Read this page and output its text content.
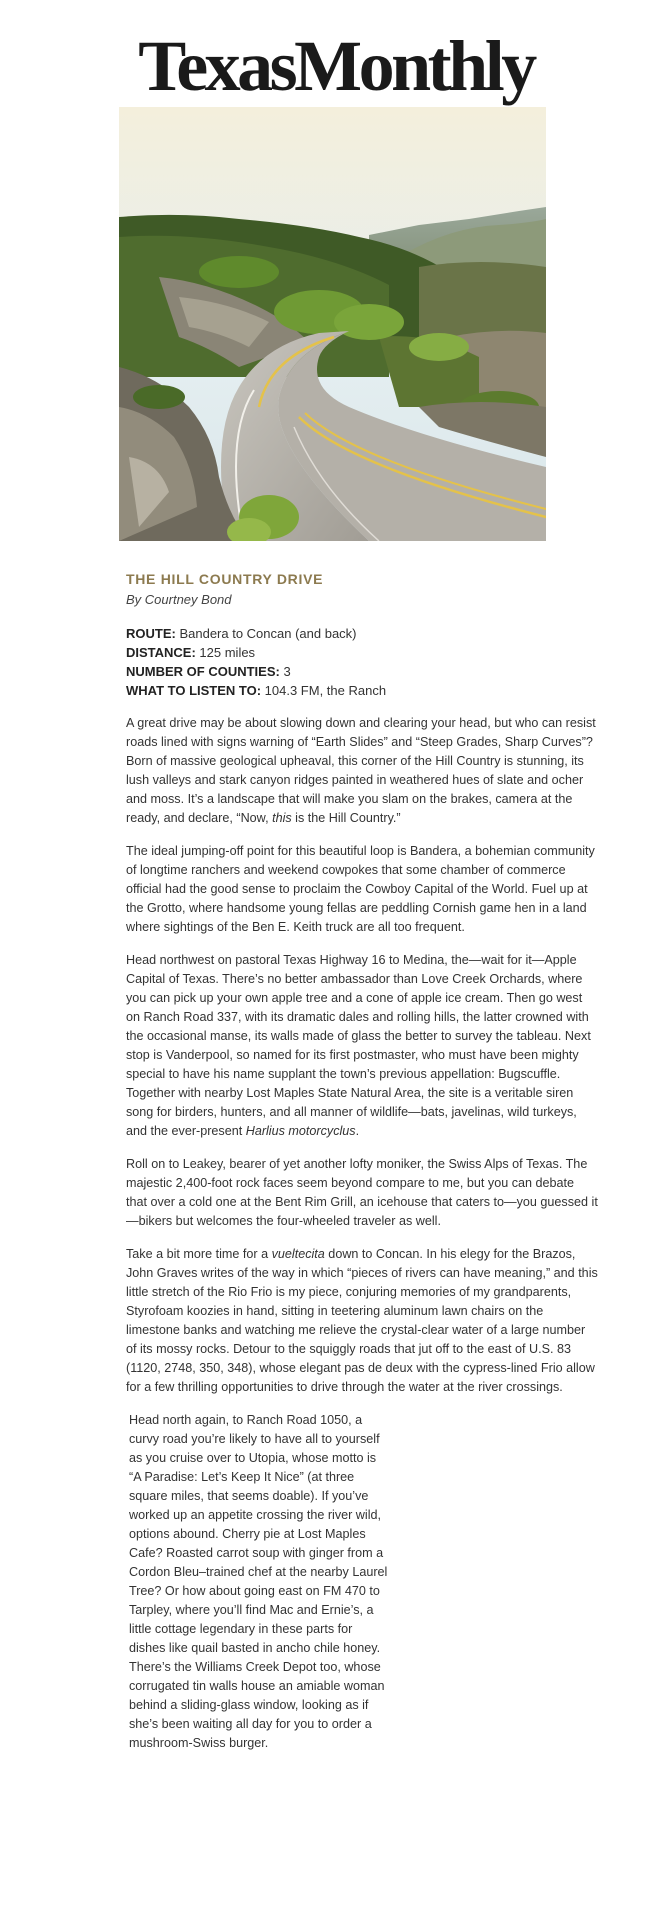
TexasMonthly
THE HILL COUNTRY DRIVE

By Courtney Bond

ROUTE: Bandera to Concan (and back)
DISTANCE: 125 miles
NUMBER OF COUNTIES: 3
WHAT TO LISTEN TO: 104.3 FM, the Ranch

A great drive may be about slowing down and clearing your head, but who can resist roads lined with signs warning of “Earth Slides” and “Steep Grades, Sharp Curves”? Born of massive geological upheaval, this corner of the Hill Country is stunning, its lush valleys and stark canyon ridges painted in weathered hues of slate and ocher and moss. It’s a landscape that will make you slam on the brakes, camera at the ready, and declare, “Now, this is the Hill Country.”

The ideal jumping-off point for this beautiful loop is Bandera, a bohemian community of longtime ranchers and weekend cowpokes that some chamber of commerce official had the good sense to proclaim the Cowboy Capital of the World. Fuel up at the Grotto, where handsome young fellas are peddling Cornish game hen in a land where sightings of the Ben E. Keith truck are all too frequent.

Head northwest on pastoral Texas Highway 16 to Medina, the—wait for it—Apple Capital of Texas. There’s no better ambassador than Love Creek Orchards, where you can pick up your own apple tree and a cone of apple ice cream. Then go west on Ranch Road 337, with its dramatic dales and rolling hills, the latter crowned with the occasional manse, its walls made of glass the better to survey the tableau. Next stop is Vanderpool, so named for its first postmaster, who must have been mighty special to have his name supplant the town’s previous appellation: Bugscuffle. Together with nearby Lost Maples State Natural Area, the site is a veritable siren song for birders, hunters, and all manner of wildlife—bats, javelinas, wild turkeys, and the ever-present Harlius motorcyclus.

Roll on to Leakey, bearer of yet another lofty moniker, the Swiss Alps of Texas. The majestic 2,400-foot rock faces seem beyond compare to me, but you can debate that over a cold one at the Bent Rim Grill, an icehouse that caters to—you guessed it—bikers but welcomes the four-wheeled traveler as well.

Take a bit more time for a vueltecita down to Concan. In his elegy for the Brazos, John Graves writes of the way in which “pieces of rivers can have meaning,” and this little stretch of the Rio Frio is my piece, conjuring memories of my grandparents, Styrofoam koozies in hand, sitting in teetering aluminum lawn chairs on the limestone banks and watching me relieve the crystal-clear water of a large number of its mossy rocks. Detour to the squiggly roads that jut off to the east of U.S. 83 (1120, 2748, 350, 348), whose elegant pas de deux with the cypress-lined Frio allow for a few thrilling opportunities to drive through the water at the river crossings.

Head north again, to Ranch Road 1050, a curvy road you’re likely to have all to yourself as you cruise over to Utopia, whose motto is “A Paradise: Let’s Keep It Nice” (at three square miles, that seems doable). If you’ve worked up an appetite crossing the river wild, options abound. Cherry pie at Lost Maples Cafe? Roasted carrot soup with ginger from a Cordon Bleu–trained chef at the nearby Laurel Tree? Or how about going east on FM 470 to Tarpley, where you’ll find Mac and Ernie’s, a little cottage legendary in these parts for dishes like quail basted in ancho chile honey. There’s the Williams Creek Depot too, whose corrugated tin walls house an amiable woman behind a sliding-glass window, looking as if she’s been waiting all day for you to order a mushroom-Swiss burger.
